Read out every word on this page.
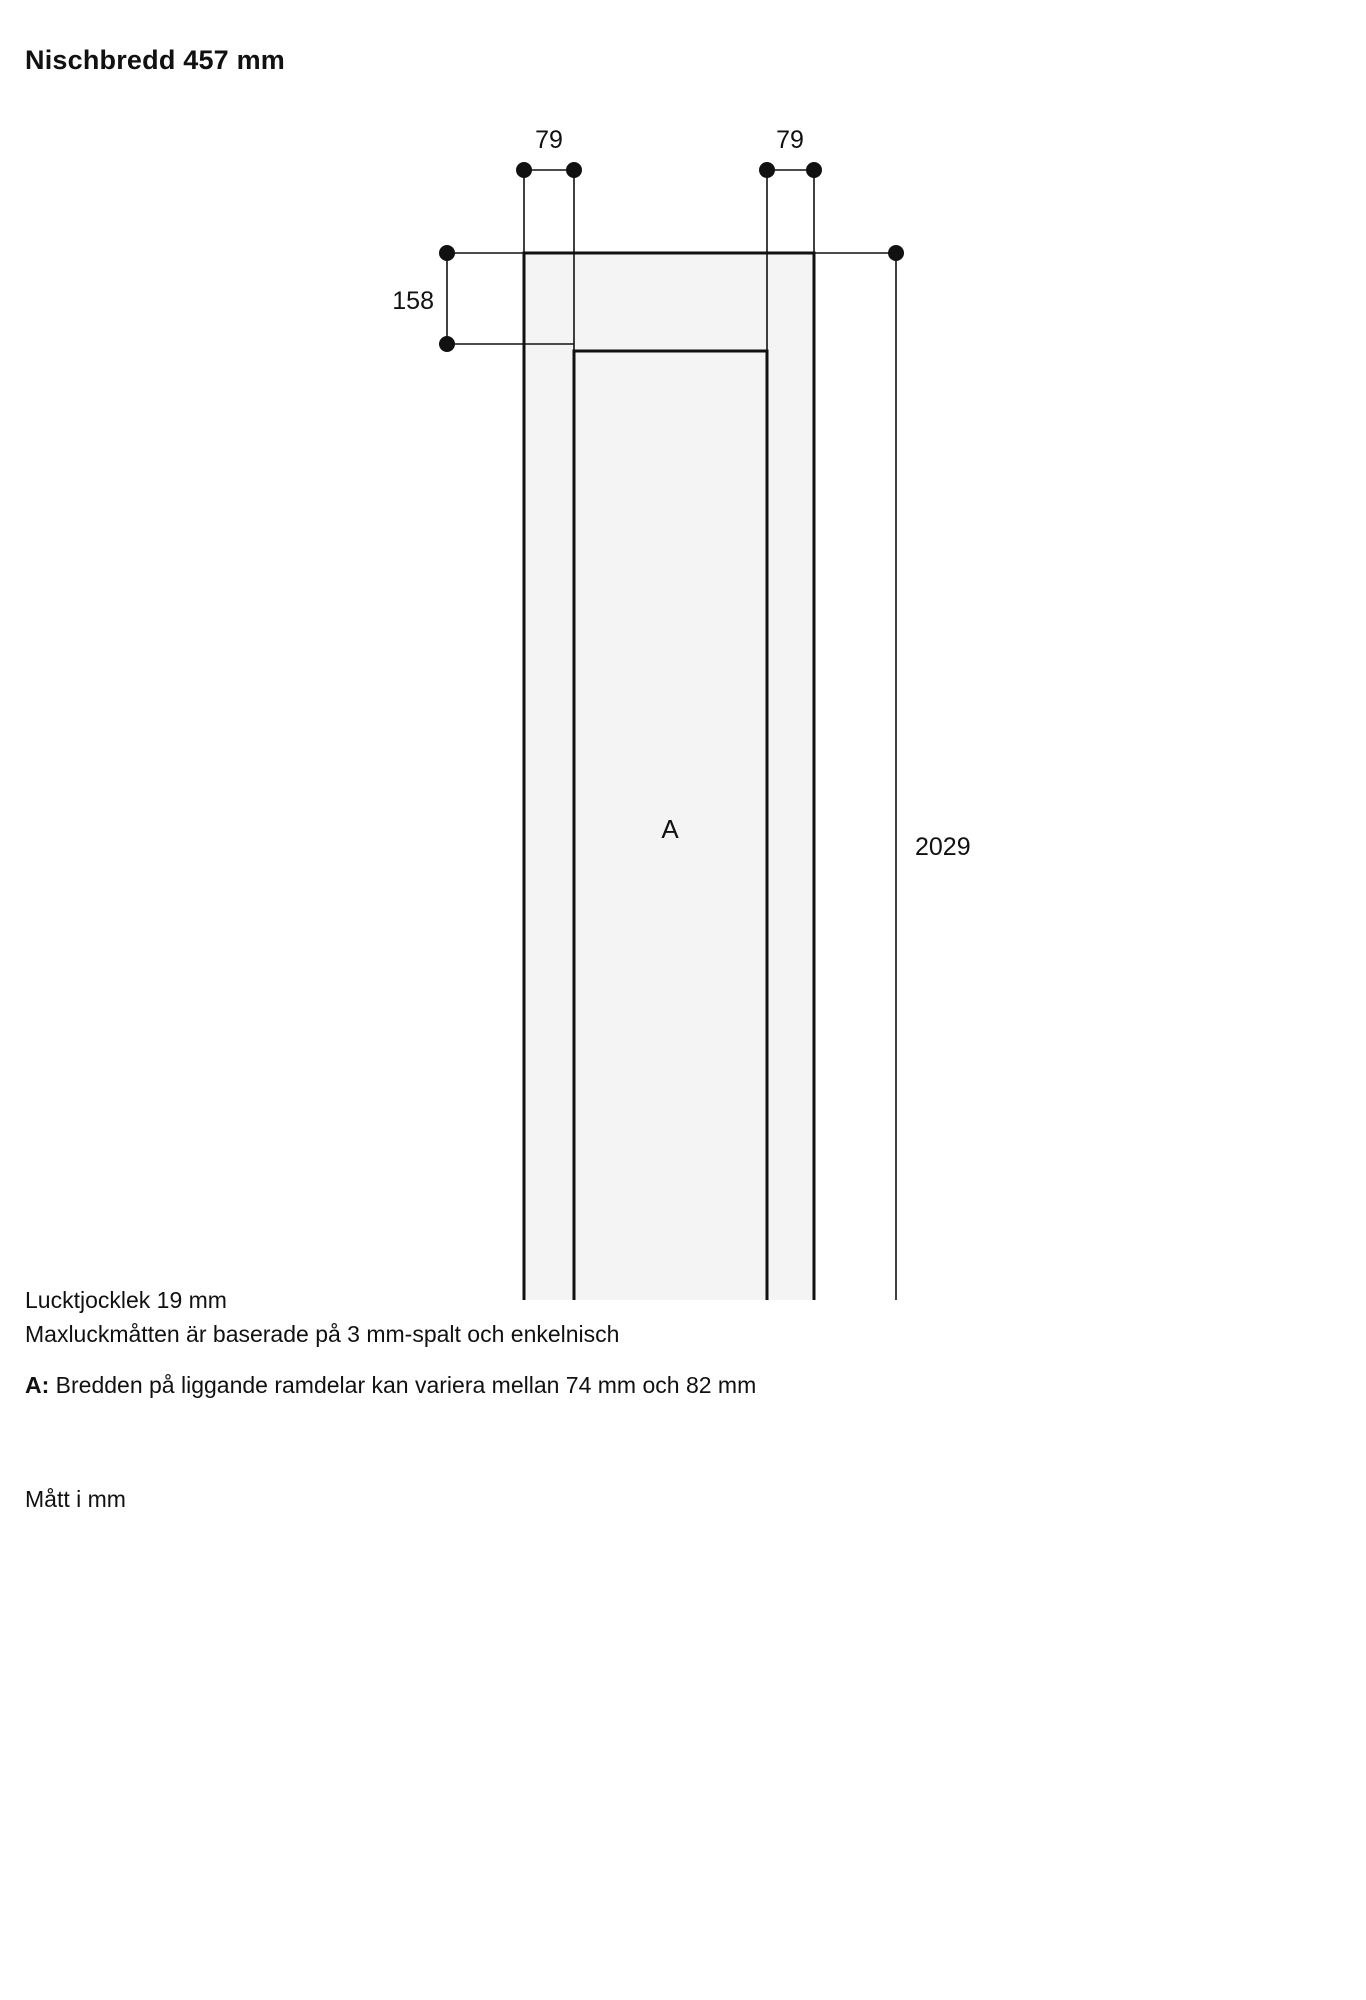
Nischbredd 457 mm
A
79	79
158
2029
Lucktjocklek 19 mm
Maxluckmåtten är baserade på 3 mm-spalt och enkelnisch
A: Bredden på liggande ramdelar kan variera mellan 74 mm och 82 mm
Mått i mm
